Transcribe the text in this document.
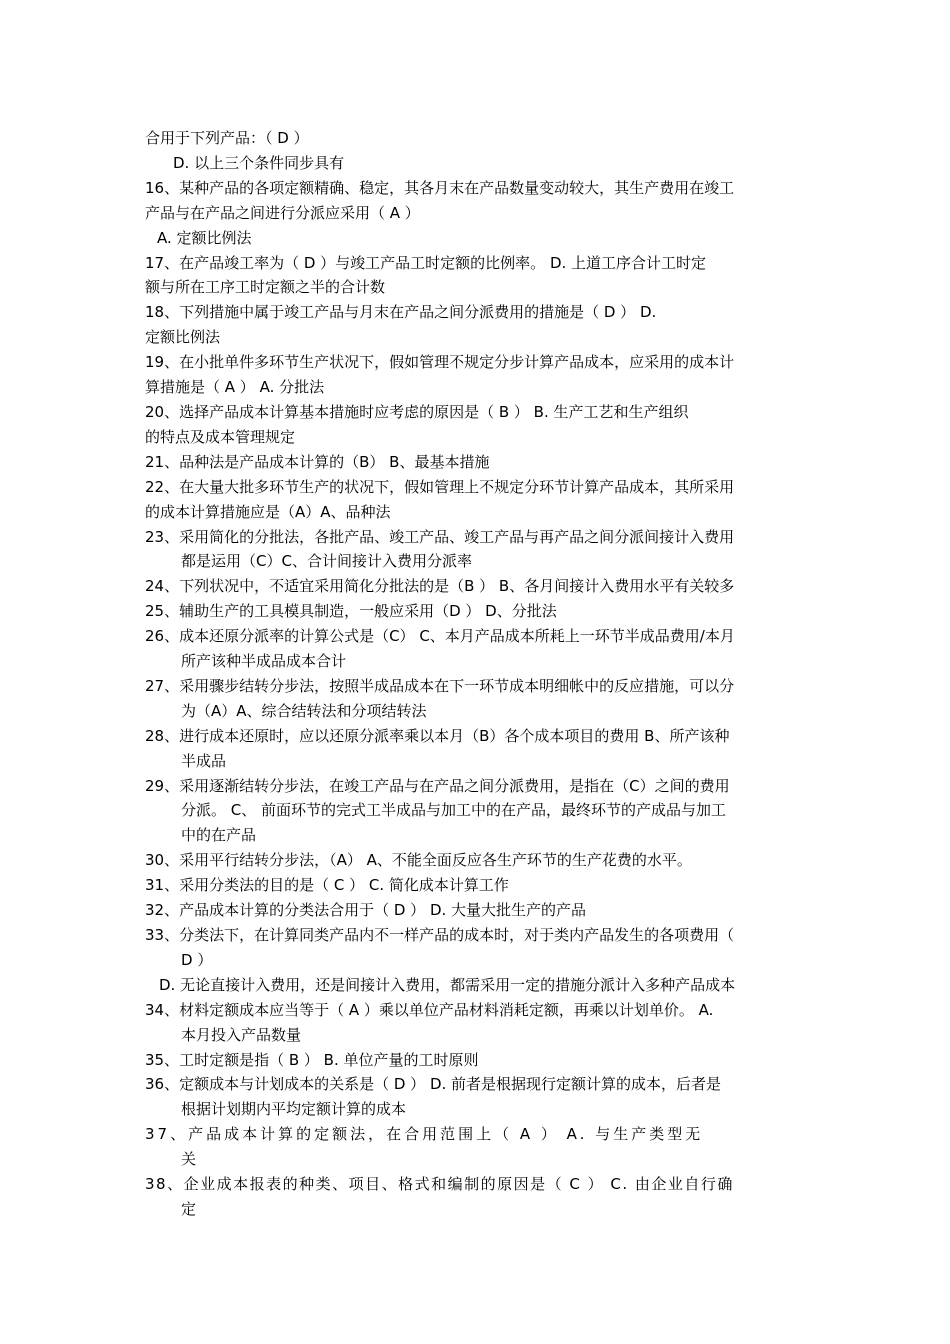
合用于下列产品：（ D ）
D. 以上三个条件同步具有
16、某种产品的各项定额精确、稳定，其各月末在产品数量变动较大，其生产费用在竣工
产品与在产品之间进行分派应采用（ A ）
A. 定额比例法
17、在产品竣工率为（ D ）与竣工产品工时定额的比例率。 D. 上道工序合计工时定
额与所在工序工时定额之半的合计数
18、下列措施中属于竣工产品与月末在产品之间分派费用的措施是（ D ） D.
定额比例法
19、在小批单件多环节生产状况下，假如管理不规定分步计算产品成本，应采用的成本计
算措施是（ A ） A. 分批法
20、选择产品成本计算基本措施时应考虑的原因是（ B ） B. 生产工艺和生产组织
的特点及成本管理规定
21、品种法是产品成本计算的（B） B、最基本措施
22、在大量大批多环节生产的状况下，假如管理上不规定分环节计算产品成本，其所采用
的成本计算措施应是（A）A、品种法
23、采用简化的分批法，各批产品、竣工产品、竣工产品与再产品之间分派间接计入费用
都是运用（C）C、合计间接计入费用分派率
24、下列状况中，不适宜采用简化分批法的是（B ） B、各月间接计入费用水平有关较多
25、辅助生产的工具模具制造，一般应采用（D ） D、分批法
26、成本还原分派率的计算公式是（C） C、本月产品成本所耗上一环节半成品费用/本月
所产该种半成品成本合计
27、采用骤步结转分步法，按照半成品成本在下一环节成本明细帐中的反应措施，可以分
为（A）A、综合结转法和分项结转法
28、进行成本还原时，应以还原分派率乘以本月（B）各个成本项目的费用 B、所产该种
半成品
29、采用逐渐结转分步法，在竣工产品与在产品之间分派费用，是指在（C）之间的费用
分派。 C、 前面环节的完式工半成品与加工中的在产品，最终环节的产成品与加工
中的在产品
30、采用平行结转分步法，（A） A、不能全面反应各生产环节的生产花费的水平。
31、采用分类法的目的是（ C ） C. 简化成本计算工作
32、产品成本计算的分类法合用于（ D ） D. 大量大批生产的产品
33、分类法下，在计算同类产品内不一样产品的成本时，对于类内产品发生的各项费用（
D ）
D. 无论直接计入费用，还是间接计入费用，都需采用一定的措施分派计入多种产品成本
34、材料定额成本应当等于（ A ）乘以单位产品材料消耗定额，再乘以计划单价。 A.
本月投入产品数量
35、工时定额是指（ B ） B. 单位产量的工时原则
36、定额成本与计划成本的关系是（ D ） D. 前者是根据现行定额计算的成本，后者是
根据计划期内平均定额计算的成本
37、产品成本计算的定额法，在合用范围上（ A ） A. 与生产类型无
关
38、企业成本报表的种类、项目、格式和编制的原因是（ C ） C. 由企业自行确
定
